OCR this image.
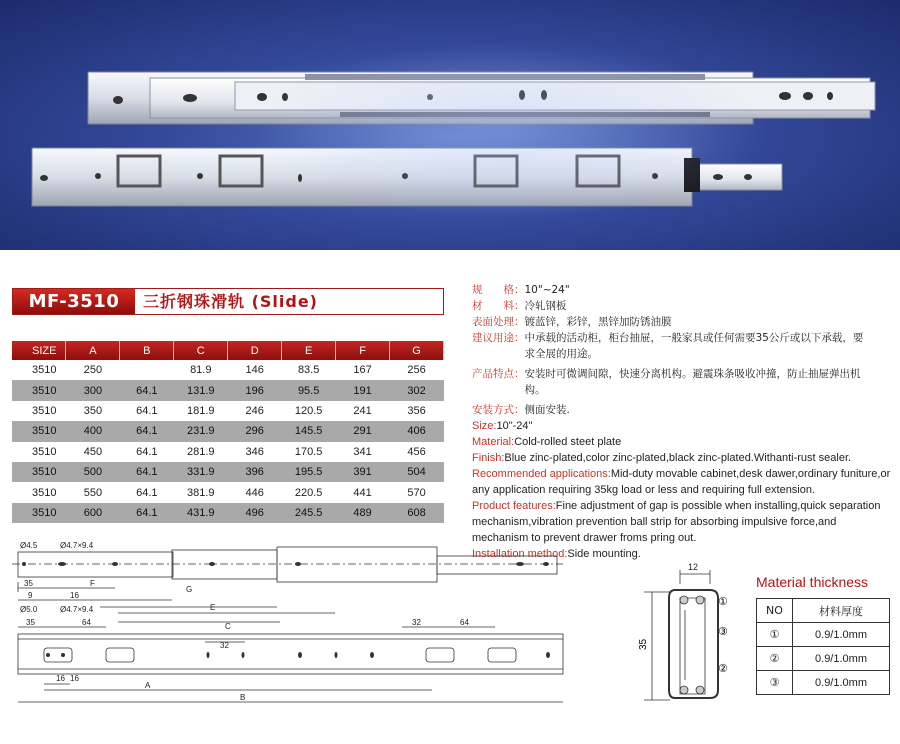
MF-3510	三折钢珠滑轨 (Slide)
SIZE	A	B	C	D	E	F	G
3510	250		81.9	146	83.5	167	256
3510	300	64.1	131.9	196	95.5	191	302
3510	350	64.1	181.9	246	120.5	241	356
3510	400	64.1	231.9	296	145.5	291	406
3510	450	64.1	281.9	346	170.5	341	456
3510	500	64.1	331.9	396	195.5	391	504
3510	550	64.1	381.9	446	220.5	441	570
3510	600	64.1	431.9	496	245.5	489	608
规　　格：10"~24"
材　　料：冷轧钢板
表面处理：镀蓝锌，彩锌，黑锌加防锈油膜
建议用途： 中承载的活动柜，柜台抽屉，一般家具或任何需要35公斤或以下承载，要求全展的用途。
产品特点： 安装时可微调间隙，快速分离机构。避震珠条吸收冲撞，防止抽屉弹出机构。
安装方式：侧面安装.
Size:10"-24"
Material:Cold-rolled steet plate
Finish:Blue zinc-plated,color zinc-plated,black zinc-plated.Withanti-rust sealer.
Recommended applications:Mid-duty movable cabinet,desk dawer,ordinary funiture,or any application requiring 35kg load or less and requiring full extension.
Product features:Fine adjustment of gap is possible when installing,quick separation mechanism,vibration prevention ball strip for absorbing impulsive force,and mechanism to prevent drawer froms pring out.
Installation method:Side mounting.
Ø4.5	Ø4.7×9.4
35	F
9	16
G
Ø5.0	Ø4.7×9.4
35	64
E
C
32
32	64
16 16
A
B
12
35
①
③
②
Material thickness
NO	材料厚度
①	0.9/1.0mm
②	0.9/1.0mm
③	0.9/1.0mm
